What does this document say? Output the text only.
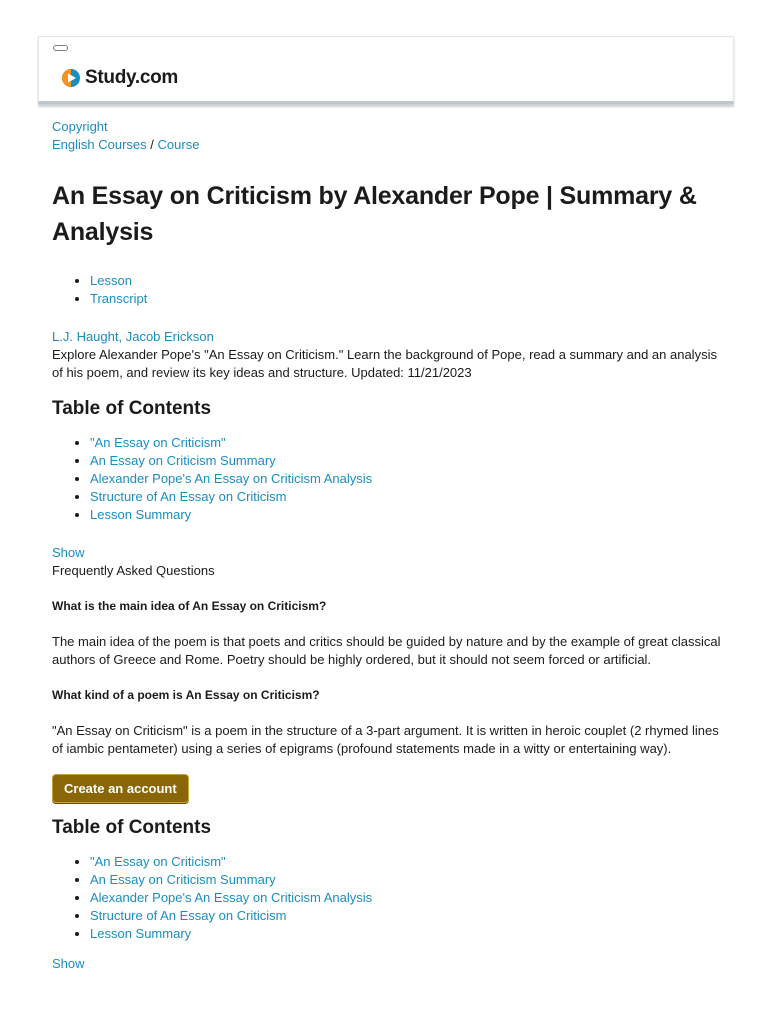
Study.com
Copyright
English Courses / Course
An Essay on Criticism by Alexander Pope | Summary & Analysis
• Lesson
• Transcript
L.J. Haught, Jacob Erickson

Explore Alexander Pope's "An Essay on Criticism." Learn the background of Pope, read a summary and an analysis of his poem, and review its key ideas and structure. Updated: 11/21/2023

Table of Contents
• "An Essay on Criticism"
• An Essay on Criticism Summary
• Alexander Pope's An Essay on Criticism Analysis
• Structure of An Essay on Criticism
• Lesson Summary
Show
Frequently Asked Questions

What is the main idea of An Essay on Criticism?

The main idea of the poem is that poets and critics should be guided by nature and by the example of great classical authors of Greece and Rome. Poetry should be highly ordered, but it should not seem forced or artificial.

What kind of a poem is An Essay on Criticism?

"An Essay on Criticism" is a poem in the structure of a 3-part argument. It is written in heroic couplet (2 rhymed lines of iambic pentameter) using a series of epigrams (profound statements made in a witty or entertaining way).

Create an account
Table of Contents
• "An Essay on Criticism"
• An Essay on Criticism Summary
• Alexander Pope's An Essay on Criticism Analysis
• Structure of An Essay on Criticism
• Lesson Summary
Show
